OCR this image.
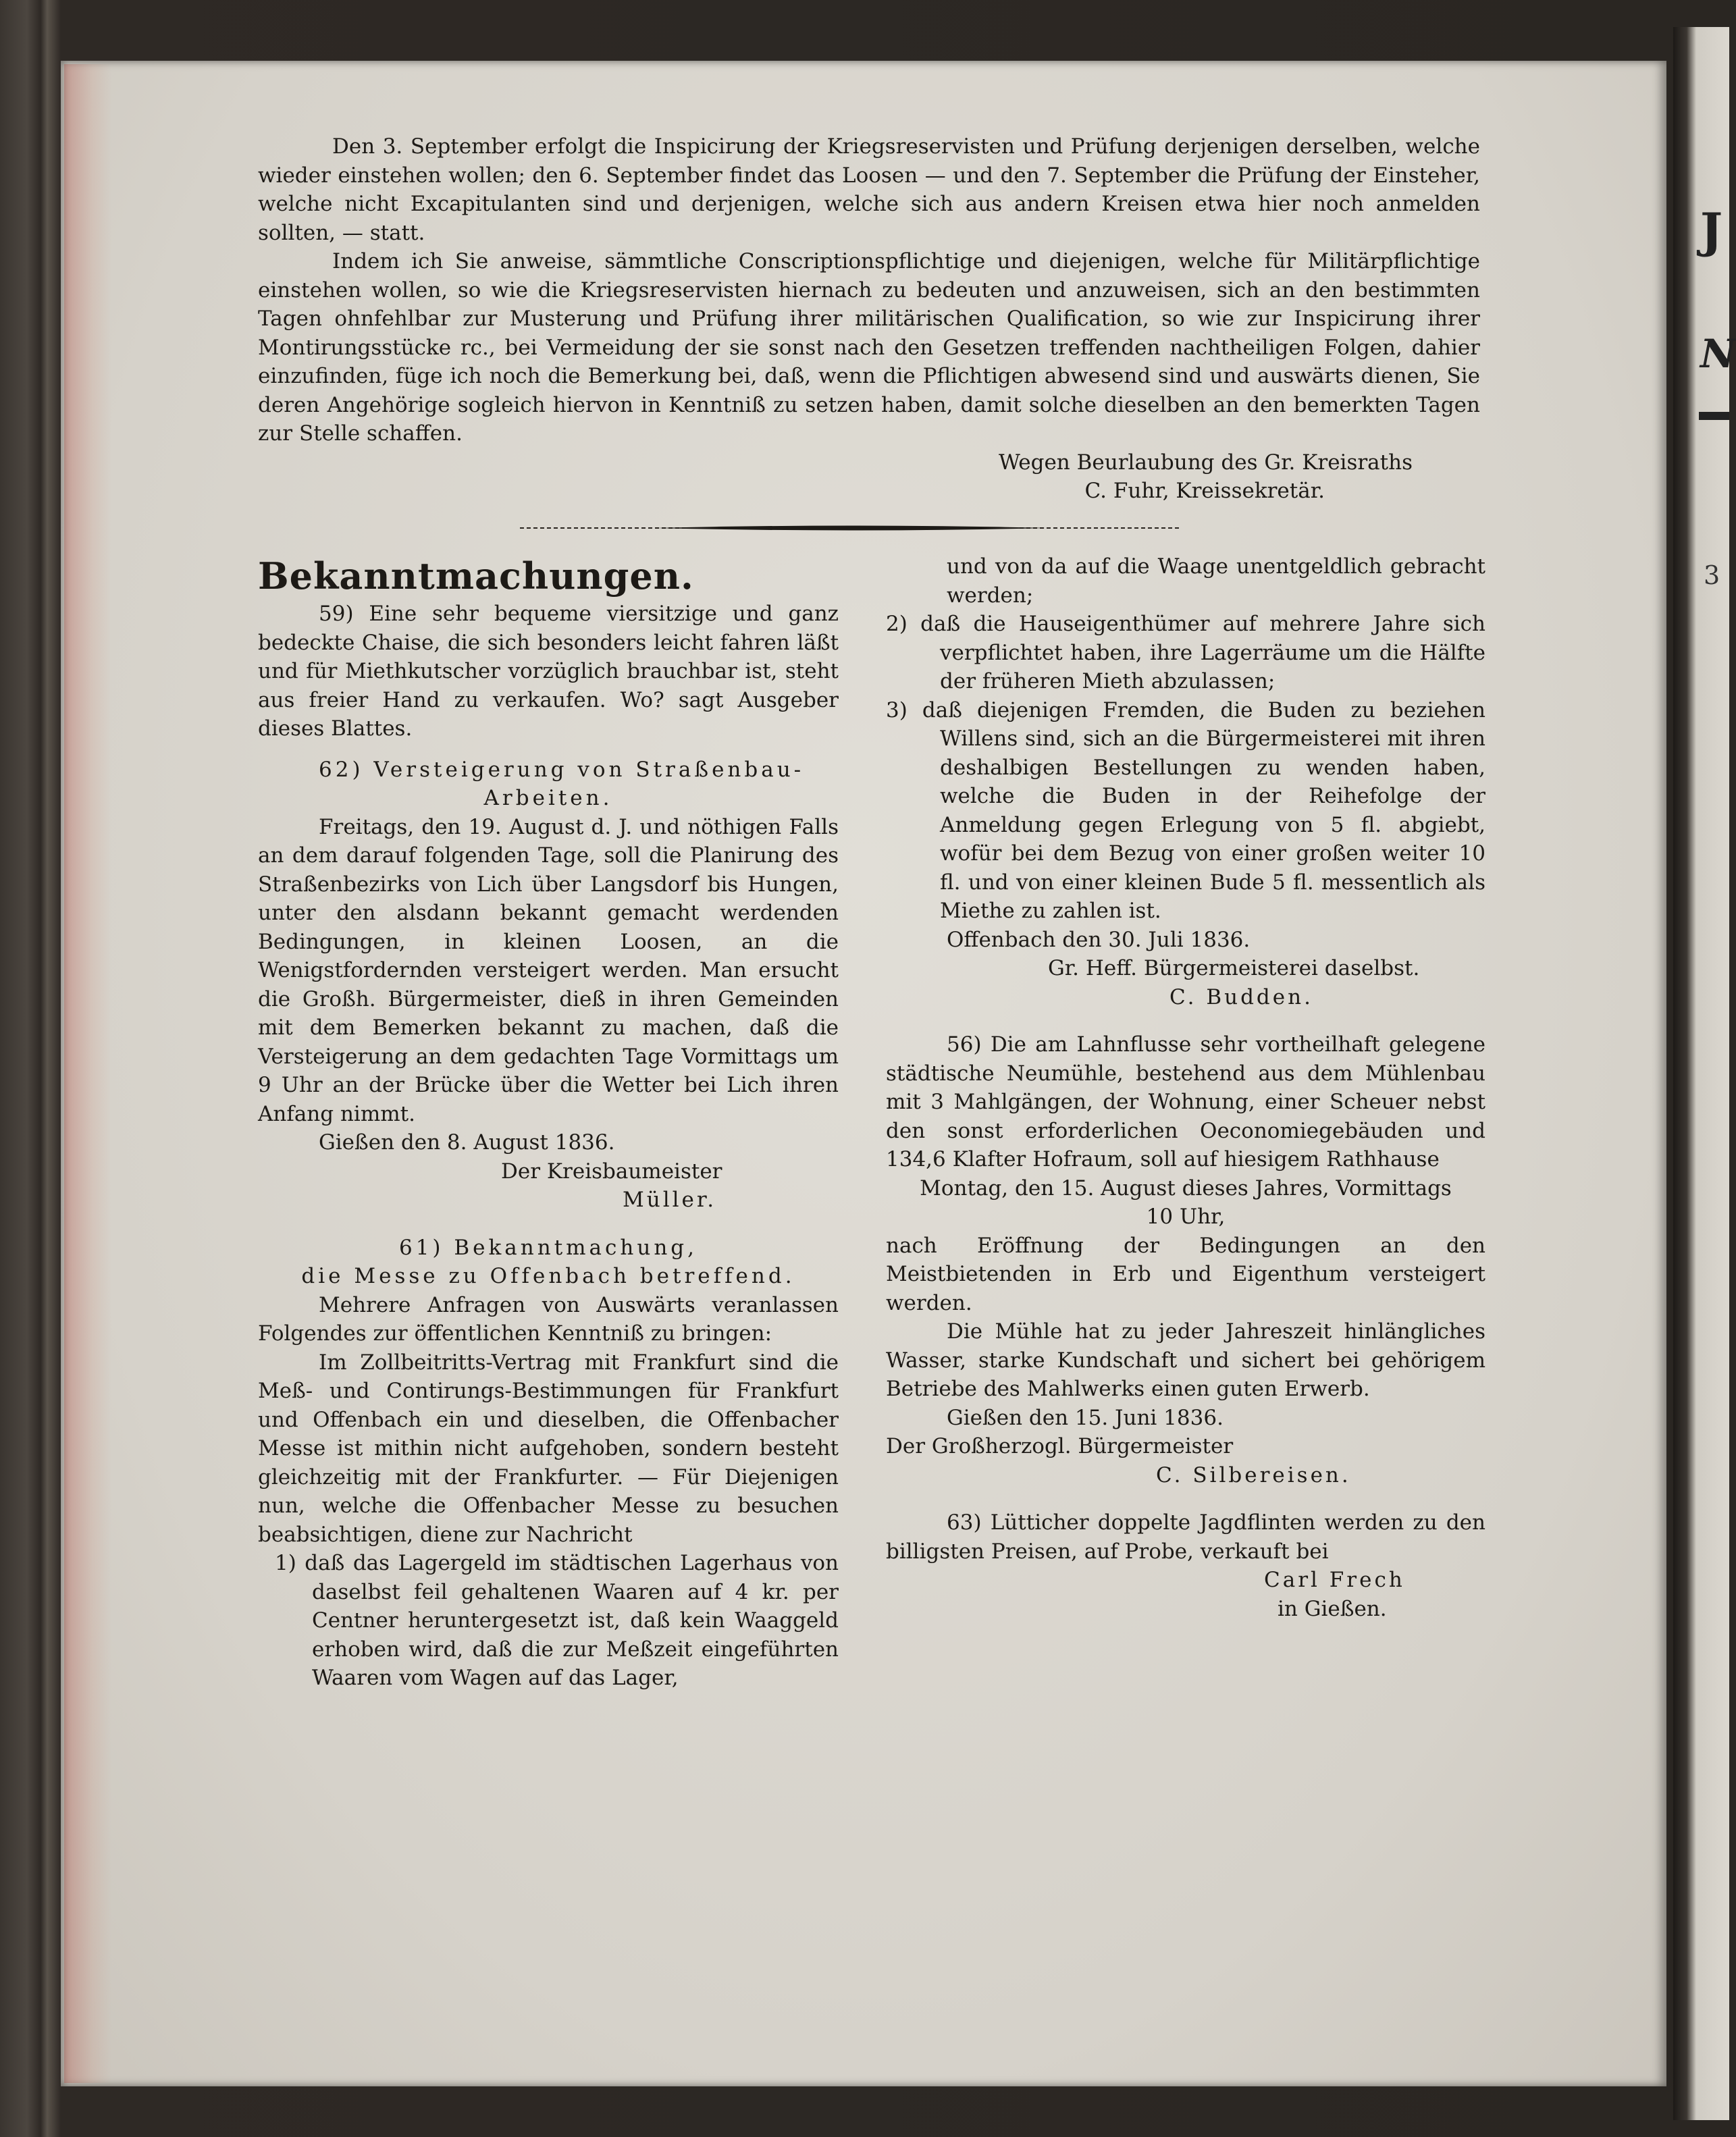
J
N
3
Den 3. September erfolgt die Inspicirung der Kriegsreservisten und Prüfung derjenigen derselben, welche wieder einstehen wollen; den 6. September findet das Loosen — und den 7. September die Prüfung der Einsteher, welche nicht Excapitulanten sind und derjenigen, welche sich aus andern Kreisen etwa hier noch anmelden sollten, — statt.
Indem ich Sie anweise, sämmtliche Conscriptionspflichtige und diejenigen, welche für Militärpflichtige einstehen wollen, so wie die Kriegsreservisten hiernach zu bedeuten und anzuweisen, sich an den bestimmten Tagen ohnfehlbar zur Musterung und Prüfung ihrer militärischen Qualification, so wie zur Inspicirung ihrer Montirungsstücke rc., bei Vermeidung der sie sonst nach den Gesetzen treffenden nachtheiligen Folgen, dahier einzufinden, füge ich noch die Bemerkung bei, daß, wenn die Pflichtigen abwesend sind und auswärts dienen, Sie deren Angehörige sogleich hiervon in Kenntniß zu setzen haben, damit solche dieselben an den bemerkten Tagen zur Stelle schaffen.
Wegen Beurlaubung des Gr. Kreisraths
C. Fuhr, Kreissekretär.

Bekanntmachungen.

59) Eine sehr bequeme viersitzige und ganz bedeckte Chaise, die sich besonders leicht fahren läßt und für Miethkutscher vorzüglich brauchbar ist, steht aus freier Hand zu verkaufen. Wo? sagt Ausgeber dieses Blattes.

62) Versteigerung von Straßenbau-

Arbeiten.

Freitags, den 19. August d. J. und nöthigen Falls an dem darauf folgenden Tage, soll die Planirung des Straßenbezirks von Lich über Langsdorf bis Hungen, unter den alsdann bekannt gemacht werdenden Bedingungen, in kleinen Loosen, an die Wenigstfordernden versteigert werden. Man ersucht die Großh. Bürgermeister, dieß in ihren Gemeinden mit dem Bemerken bekannt zu machen, daß die Versteigerung an dem gedachten Tage Vormittags um 9 Uhr an der Brücke über die Wetter bei Lich ihren Anfang nimmt.

Gießen den 8. August 1836.

Der Kreisbaumeister

Müller.

61) Bekanntmachung,

die Messe zu Offenbach betreffend.

Mehrere Anfragen von Auswärts veranlassen Folgendes zur öffentlichen Kenntniß zu bringen:

Im Zollbeitritts-Vertrag mit Frankfurt sind die Meß- und Contirungs-Bestimmungen für Frankfurt und Offenbach ein und dieselben, die Offenbacher Messe ist mithin nicht aufgehoben, sondern besteht gleichzeitig mit der Frankfurter. — Für Diejenigen nun, welche die Offenbacher Messe zu besuchen beabsichtigen, diene zur Nachricht

1) daß das Lagergeld im städtischen Lagerhaus von daselbst feil gehaltenen Waaren auf 4 kr. per Centner heruntergesetzt ist, daß kein Waaggeld erhoben wird, daß die zur Meßzeit eingeführten Waaren vom Wagen auf das Lager,

und von da auf die Waage unentgeldlich gebracht werden;

2) daß die Hauseigenthümer auf mehrere Jahre sich verpflichtet haben, ihre Lagerräume um die Hälfte der früheren Mieth abzulassen;

3) daß diejenigen Fremden, die Buden zu beziehen Willens sind, sich an die Bürgermeisterei mit ihren deshalbigen Bestellungen zu wenden haben, welche die Buden in der Reihefolge der Anmeldung gegen Erlegung von 5 fl. abgiebt, wofür bei dem Bezug von einer großen weiter 10 fl. und von einer kleinen Bude 5 fl. messentlich als Miethe zu zahlen ist.

Offenbach den 30. Juli 1836.

Gr. Heff. Bürgermeisterei daselbst.

C. Budden.

56) Die am Lahnflusse sehr vortheilhaft gelegene städtische Neumühle, bestehend aus dem Mühlenbau mit 3 Mahlgängen, der Wohnung, einer Scheuer nebst den sonst erforderlichen Oeconomiegebäuden und 134,6 Klafter Hofraum, soll auf hiesigem Rathhause

Montag, den 15. August dieses Jahres, Vormittags 10 Uhr,

nach Eröffnung der Bedingungen an den Meistbietenden in Erb und Eigenthum versteigert werden.

Die Mühle hat zu jeder Jahreszeit hinlängliches Wasser, starke Kundschaft und sichert bei gehörigem Betriebe des Mahlwerks einen guten Erwerb.

Gießen den 15. Juni 1836.

Der Großherzogl. Bürgermeister

C. Silbereisen.

63) Lütticher doppelte Jagdflinten werden zu den billigsten Preisen, auf Probe, verkauft bei

Carl Frech

in Gießen.
